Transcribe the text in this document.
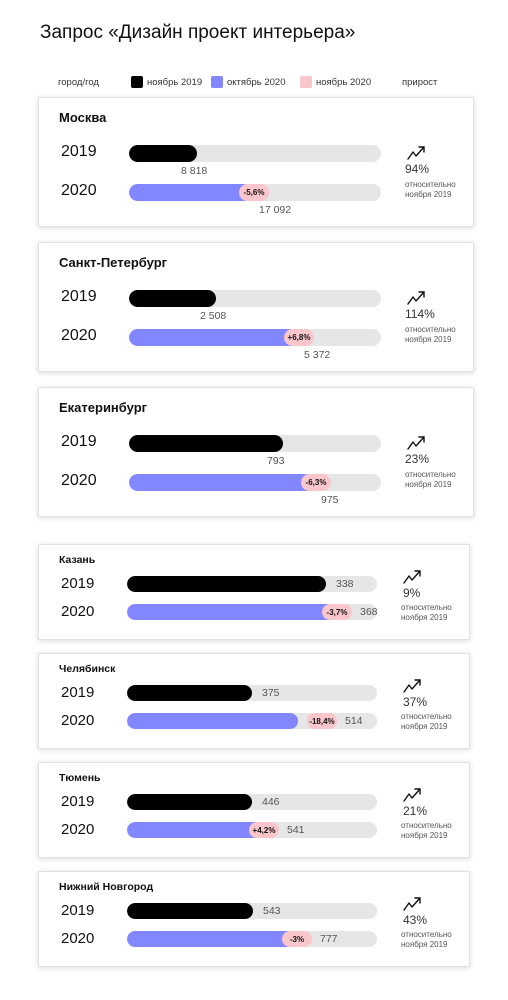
Запрос «Дизайн проект интерьера»
город/год	ноябрь 2019	октябрь 2020	ноябрь 2020	прирост
Москва
2019
2020	-5,6%
8 818
17 092
94%
относительно
ноября 2019
Санкт-Петербург
2019
2020	+6,8%
2 508
5 372
114%
относительно
ноября 2019
Екатеринбург
2019
2020	-6,3%
793
975
23%
относительно
ноября 2019
Казань
2019
2020	-3,7%
338
368
9%
относительно
ноября 2019
Челябинск
2019
2020	-18,4%
375
514
37%
относительно
ноября 2019
Тюмень
2019
2020	+4,2%
446
541
21%
относительно
ноября 2019
Нижний Новгород
2019
2020	-3%
543
777
43%
относительно
ноября 2019
